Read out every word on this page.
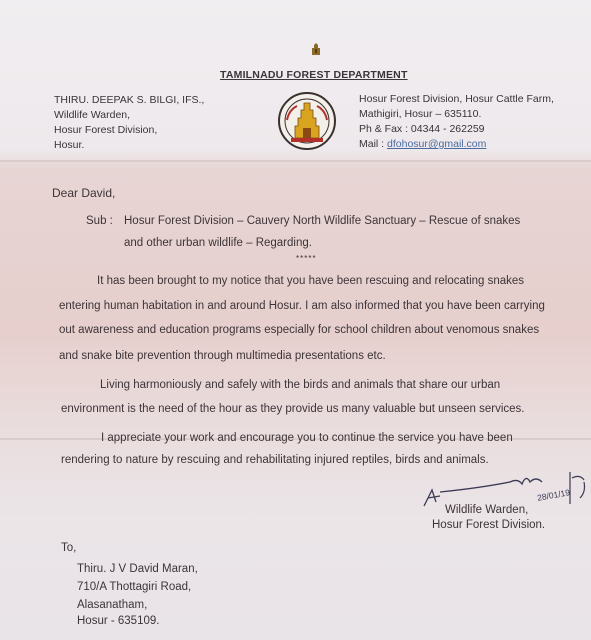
TAMILNADU FOREST DEPARTMENT
THIRU. DEEPAK S. BILGI, IFS.,
Wildlife Warden,
Hosur Forest Division,
Hosur.
Hosur Forest Division, Hosur Cattle Farm,
Mathigiri, Hosur – 635110.
Ph & Fax : 04344 - 262259
Mail : dfohosur@gmail.com
Dear David,
Sub : Hosur Forest Division – Cauvery North Wildlife Sanctuary – Rescue of snakes
and other urban wildlife – Regarding.
*****
It has been brought to my notice that you have been rescuing and relocating snakes
entering human habitation in and around Hosur. I am also informed that you have been carrying
out awareness and education programs especially for school children about venomous snakes
and snake bite prevention through multimedia presentations etc.
Living harmoniously and safely with the birds and animals that share our urban
environment is the need of the hour as they provide us many valuable but unseen services.
I appreciate your work and encourage you to continue the service you have been
rendering to nature by rescuing and rehabilitating injured reptiles, birds and animals.
28/01/19
Wildlife Warden,
Hosur Forest Division.
To,
Thiru. J V David Maran,
710/A Thottagiri Road,
Alasanatham,
Hosur - 635109.
